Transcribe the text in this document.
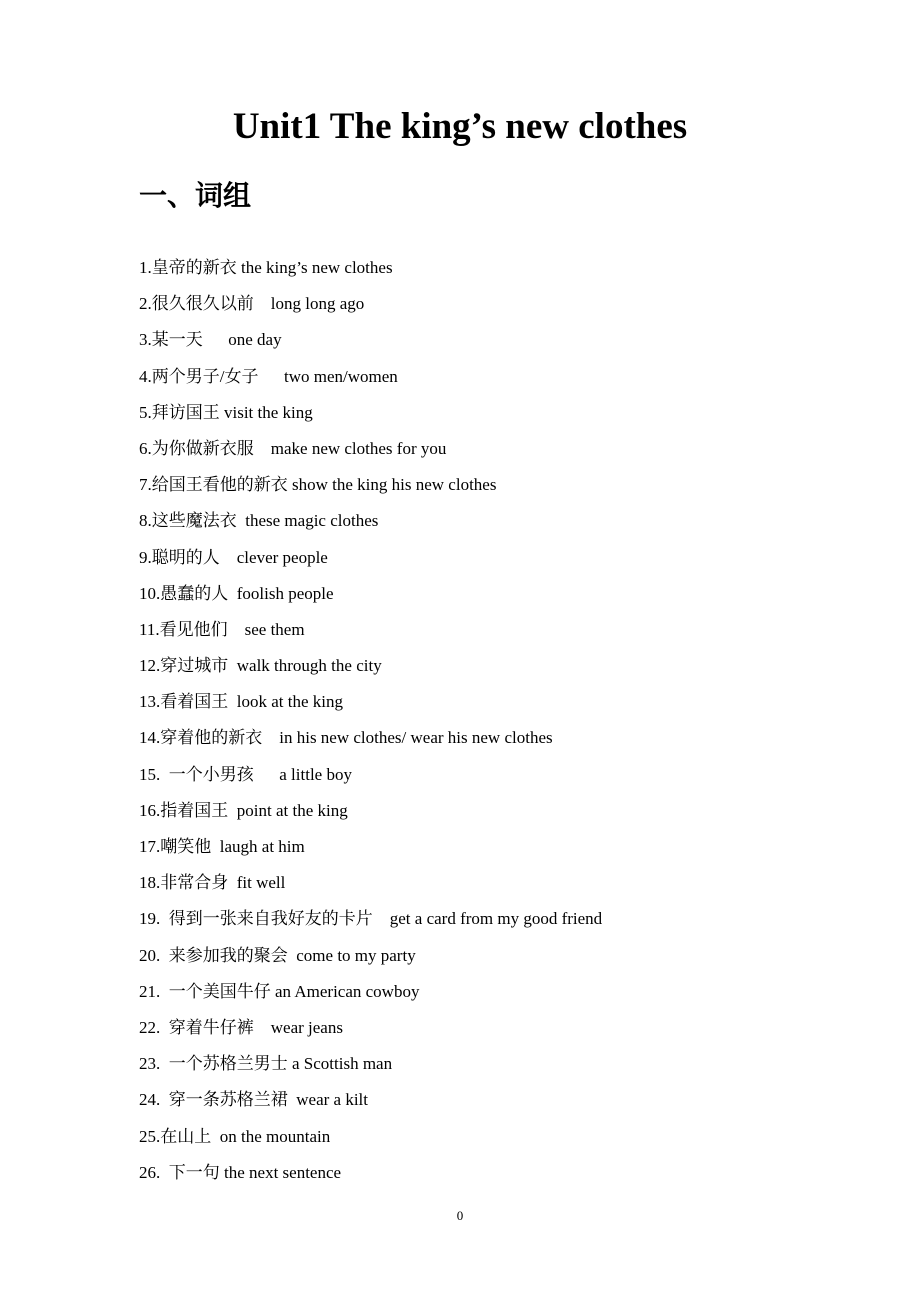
Unit1 The king’s new clothes
一、词组
1.皇帝的新衣 the king’s new clothes
2.很久很久以前    long long ago
3.某一天      one day
4.两个男子/女子      two men/women
5.拜访国王 visit the king
6.为你做新衣服    make new clothes for you
7.给国王看他的新衣 show the king his new clothes
8.这些魔法衣  these magic clothes
9.聪明的人    clever people
10.愚蠢的人  foolish people
11.看见他们    see them
12.穿过城市  walk through the city
13.看着国王  look at the king
14.穿着他的新衣    in his new clothes/ wear his new clothes
15.  一个小男孩      a little boy
16.指着国王  point at the king
17.嘲笑他  laugh at him
18.非常合身  fit well
19.  得到一张来自我好友的卡片    get a card from my good friend
20.  来参加我的聚会  come to my party
21.  一个美国牛仔 an American cowboy
22.  穿着牛仔裤    wear jeans
23.  一个苏格兰男士 a Scottish man
24.  穿一条苏格兰裙  wear a kilt
25.在山上  on the mountain
26.  下一句 the next sentence
0
